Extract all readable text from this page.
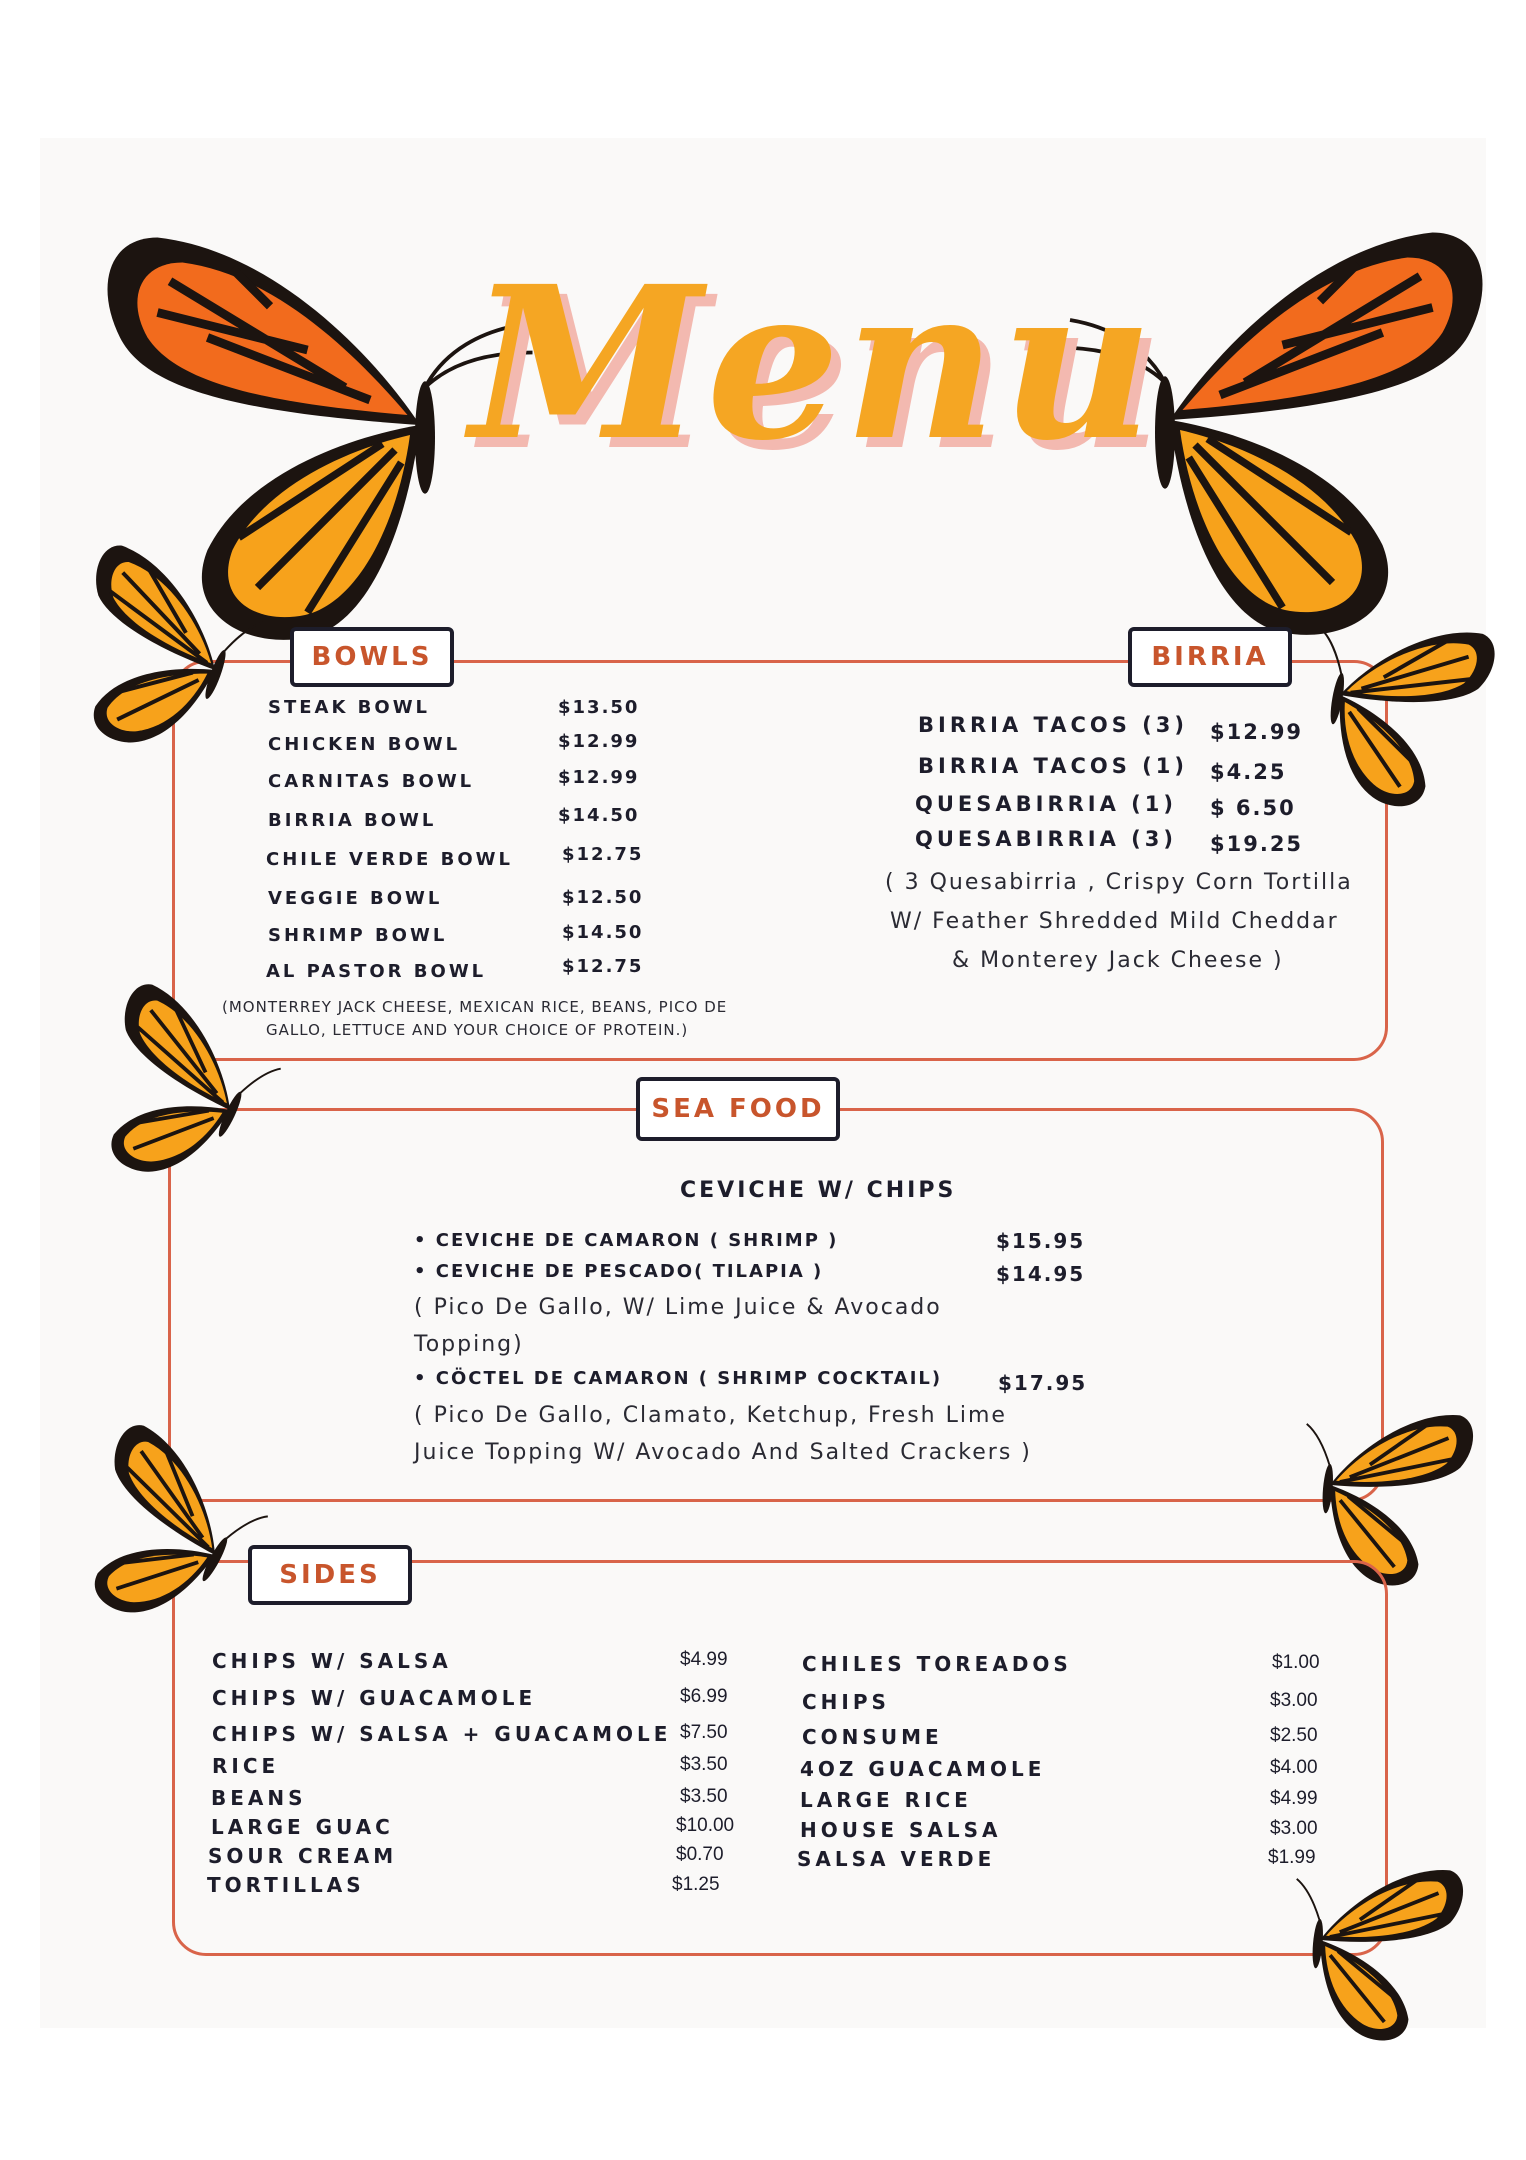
Menu
BOWLS	BIRRIA
STEAK BOWL	$13.50
CHICKEN BOWL	$12.99
CARNITAS BOWL	$12.99
BIRRIA BOWL	$14.50
CHILE VERDE BOWL	$12.75
VEGGIE BOWL	$12.50
SHRIMP BOWL	$14.50
AL PASTOR BOWL	$12.75
(MONTERREY JACK CHEESE, MEXICAN RICE, BEANS, PICO DE
GALLO, LETTUCE AND YOUR CHOICE OF PROTEIN.)
BIRRIA TACOS (3) $12.99
BIRRIA TACOS (1) $4.25
QUESABIRRIA (1) $ 6.50
QUESABIRRIA (3) $19.25
( 3 Quesabirria , Crispy Corn Tortilla
W/ Feather Shredded Mild Cheddar
& Monterey Jack Cheese )
SEA FOOD
CEVICHE W/ CHIPS
• CEVICHE DE CAMARON ( SHRIMP )	$15.95
• CEVICHE DE PESCADO( TILAPIA )	$14.95
( Pico De Gallo, W/ Lime Juice & Avocado
Topping)
• CÖCTEL DE CAMARON ( SHRIMP COCKTAIL)	$17.95
( Pico De Gallo, Clamato, Ketchup, Fresh Lime
Juice Topping W/ Avocado And Salted Crackers )
SIDES
CHIPS W/ SALSA	$4.99
CHIPS W/ GUACAMOLE	$6.99
CHIPS W/ SALSA + GUACAMOLE $7.50
RICE	$3.50
BEANS	$3.50
LARGE GUAC	$10.00
SOUR CREAM	$0.70
TORTILLAS	$1.25
CHILES TOREADOS	$1.00
CHIPS	$3.00
CONSUME	$2.50
4OZ GUACAMOLE	$4.00
LARGE RICE	$4.99
HOUSE SALSA	$3.00
SALSA VERDE	$1.99
